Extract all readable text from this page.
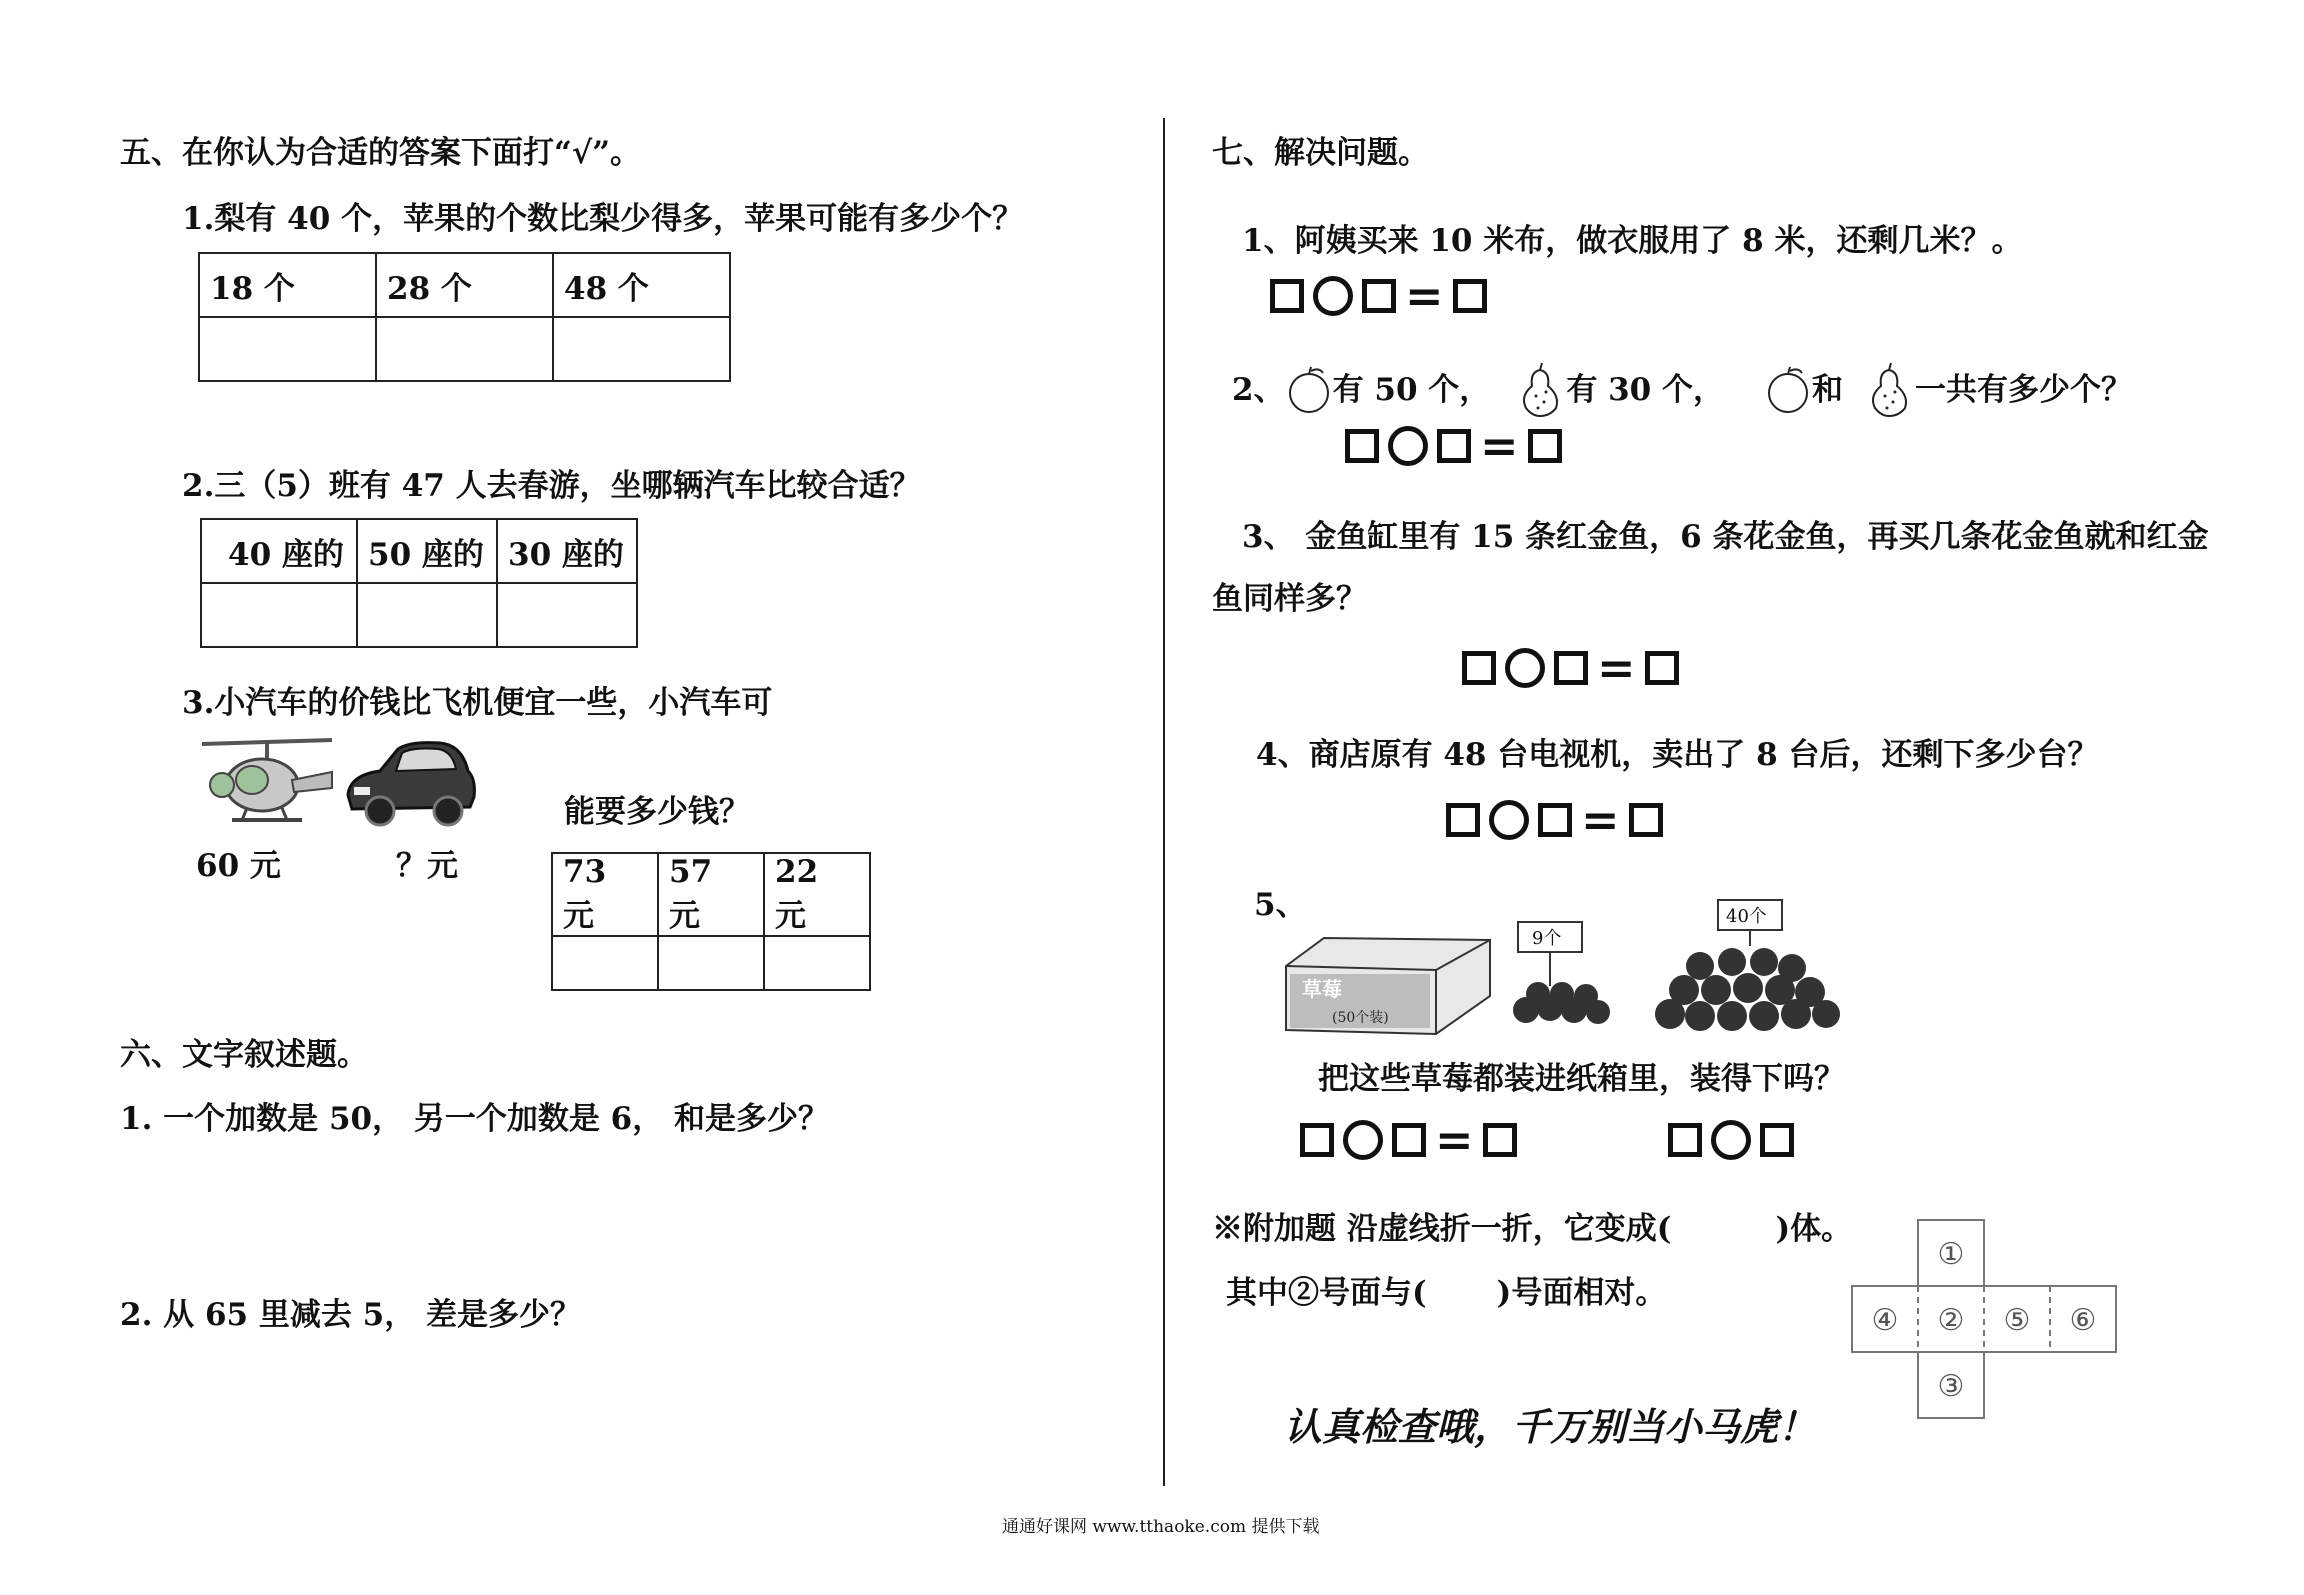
五、在你认为合适的答案下面打“√”。
1.梨有 40 个，苹果的个数比梨少得多，苹果可能有多少个？
18 个	28 个	48 个

2.三（5）班有 47 人去春游，坐哪辆汽车比较合适？
40 座的	50 座的	30 座的

3.小汽车的价钱比飞机便宜一些，小汽车可
60 元	？元
能要多少钱？
73 元	57 元	22 元

六、文字叙述题。
1. 一个加数是 50， 另一个加数是 6， 和是多少？
2. 从 65 里减去 5， 差是多少？
七、解决问题。
1、阿姨买来 10 米布，做衣服用了 8 米，还剩几米？。
=
2、 有 50 个， 有 30 个，	和 一共有多少个？
=
3、 金鱼缸里有 15 条红金鱼，6 条花金鱼，再买几条花金鱼就和红金
鱼同样多？
=
4、商店原有 48 台电视机，卖出了 8 台后，还剩下多少台？
=
5、
草莓
(50个装)
9个
40个
把这些草莓都装进纸箱里，装得下吗？
=
※附加题 沿虚线折一折，它变成(	)体。
其中②号面与( )号面相对。
①
②
③
④	⑤ ⑥
认真检查哦，千万别当小马虎！
通通好课网 www.tthaoke.com 提供下载
